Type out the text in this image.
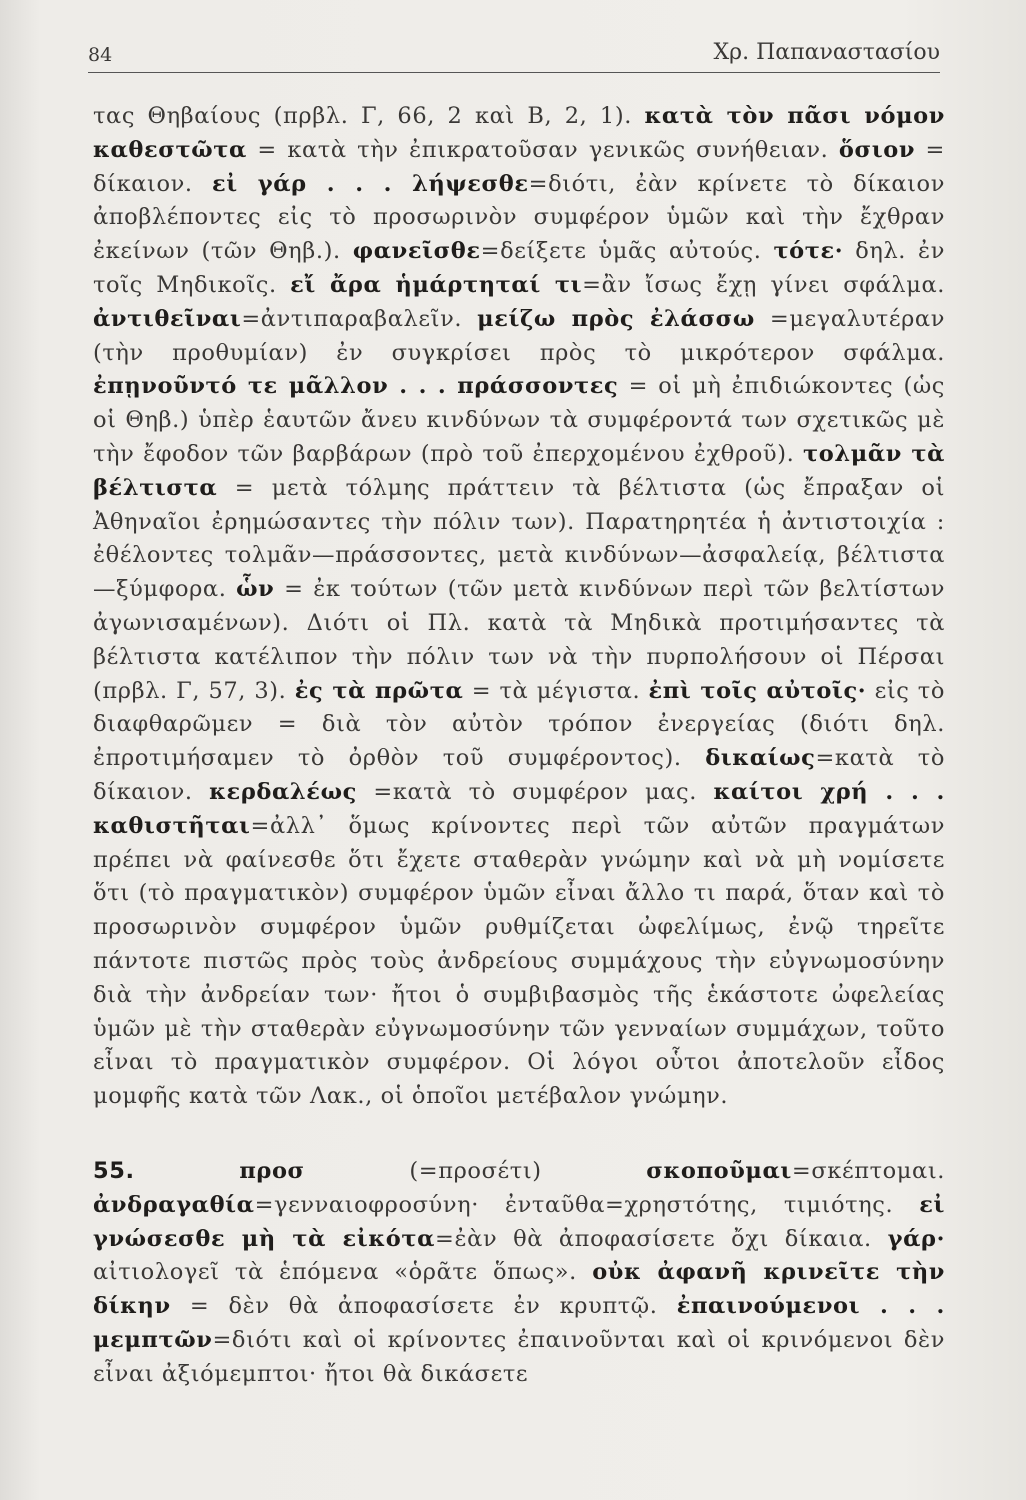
84	Χρ. Παπαναστασίου

τας Θηβαίους (πρβλ. Γ, 66, 2 καὶ Β, 2, 1). κατὰ τὸν πᾶσι νόμον καθεστῶτα = κατὰ τὴν ἐπικρατοῦσαν γενικῶς συνήθειαν. ὅσιον = δίκαιον. εἰ γάρ . . . λήψεσθε=διότι, ἐὰν κρίνετε τὸ δίκαιον ἀποβλέποντες εἰς τὸ προσωρινὸν συμφέρον ὑμῶν καὶ τὴν ἔχθραν ἐκείνων (τῶν Θηβ.). φανεῖσθε=δείξετε ὑμᾶς αὐτούς. τότε· δηλ. ἐν τοῖς Μηδικοῖς. εἴ ἄρα ἡμάρτηταί τι=ἂν ἴσως ἔχῃ γίνει σφάλμα. ἀντιθεῖναι=ἀντιπαραβαλεῖν. μείζω πρὸς ἐλάσσω =μεγαλυτέραν (τὴν προθυμίαν) ἐν συγκρίσει πρὸς τὸ μικρότερον σφάλμα. ἐπῃνοῦντό τε μᾶλλον . . . πράσσοντες = οἱ μὴ ἐπιδιώκοντες (ὡς οἱ Θηβ.) ὑπὲρ ἑαυτῶν ἄνευ κινδύνων τὰ συμφέροντά των σχετικῶς μὲ τὴν ἔφοδον τῶν βαρβάρων (πρὸ τοῦ ἐπερχομένου ἐχθροῦ). τολμᾶν τὰ βέλτιστα = μετὰ τόλμης πράττειν τὰ βέλτιστα (ὡς ἔπραξαν οἱ Ἀθηναῖοι ἐρημώσαντες τὴν πόλιν των). Παρατηρητέα ἡ ἀντιστοιχία : ἐθέλοντες τολμᾶν—πράσσοντες, μετὰ κινδύνων—ἀσφαλείᾳ, βέλτιστα—ξύμφορα. ὧν = ἐκ τούτων (τῶν μετὰ κινδύνων περὶ τῶν βελτίστων ἀγωνισαμένων). Διότι οἱ Πλ. κατὰ τὰ Μηδικὰ προτιμήσαντες τὰ βέλτιστα κατέλιπον τὴν πόλιν των νὰ τὴν πυρπολήσουν οἱ Πέρσαι (πρβλ. Γ, 57, 3). ἐς τὰ πρῶτα = τὰ μέγιστα. ἐπὶ τοῖς αὐτοῖς· εἰς τὸ διαφθαρῶμεν = διὰ τὸν αὐτὸν τρόπον ἐνεργείας (διότι δηλ. ἐπροτιμήσαμεν τὸ ὀρθὸν τοῦ συμφέροντος). δικαίως=κατὰ τὸ δίκαιον. κερδαλέως =κατὰ τὸ συμφέρον μας. καίτοι χρή . . . καθιστῆται=ἀλλ᾽ ὅμως κρίνοντες περὶ τῶν αὐτῶν πραγμάτων πρέπει νὰ φαίνεσθε ὅτι ἔχετε σταθερὰν γνώμην καὶ νὰ μὴ νομίσετε ὅτι (τὸ πραγματικὸν) συμφέρον ὑμῶν εἶναι ἄλλο τι παρά, ὅταν καὶ τὸ προσωρινὸν συμφέρον ὑμῶν ρυθμίζεται ὠφελίμως, ἐνῷ τηρεῖτε πάντοτε πιστῶς πρὸς τοὺς ἀνδρείους συμμάχους τὴν εὐγνωμοσύνην διὰ τὴν ἀνδρείαν των· ἤτοι ὁ συμβιβασμὸς τῆς ἑκάστοτε ὠφελείας ὑμῶν μὲ τὴν σταθερὰν εὐγνωμοσύνην τῶν γενναίων συμμάχων, τοῦτο εἶναι τὸ πραγματικὸν συμφέρον. Οἱ λόγοι οὗτοι ἀποτελοῦν εἶδος μομφῆς κατὰ τῶν Λακ., οἱ ὁποῖοι μετέβαλον γνώμην.

55.	προσ (=προσέτι) σκοποῦμαι=σκέπτομαι. ἀνδραγαθία=γενναιοφροσύνη· ἐνταῦθα=χρηστότης, τιμιότης. εἰ γνώσεσθε μὴ τὰ εἰκότα=ἐὰν θὰ ἀποφασίσετε ὄχι δίκαια. γάρ· αἰτιολογεῖ τὰ ἑπόμενα «ὁρᾶτε ὅπως». οὐκ ἀφανῆ κρινεῖτε τὴν δίκην = δὲν θὰ ἀποφασίσετε ἐν κρυπτῷ. ἐπαινούμενοι . . . μεμπτῶν=διότι καὶ οἱ κρίνοντες ἐπαινοῦνται καὶ οἱ κρινόμενοι δὲν εἶναι ἀξιόμεμπτοι· ἤτοι θὰ δικάσετε
